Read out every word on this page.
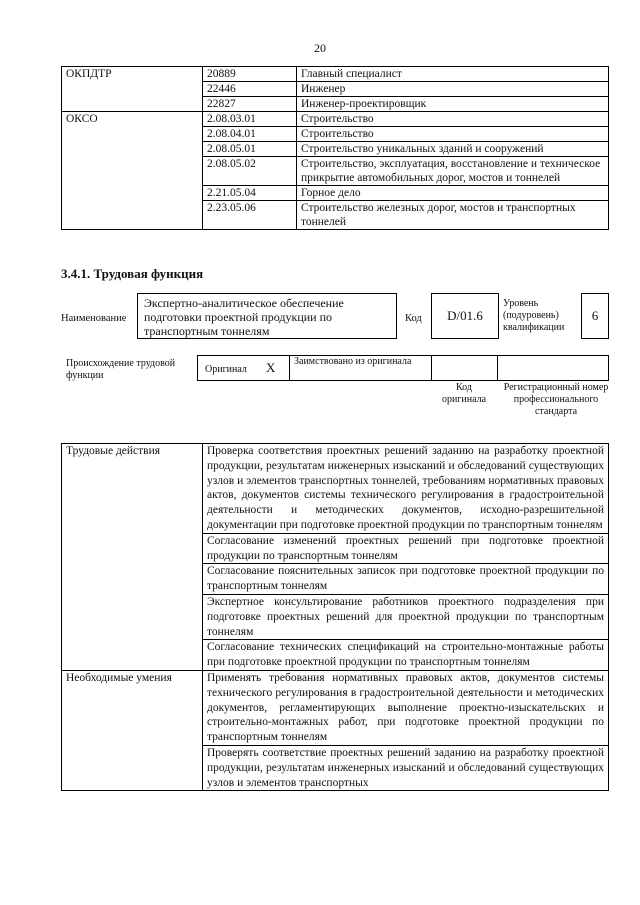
20
ОКПДТР	20889	Главный специалист
	22446	Инженер
	22827	Инженер-проектировщик
ОКСО	2.08.03.01	Строительство
	2.08.04.01	Строительство
	2.08.05.01	Строительство уникальных зданий и сооружений
	2.08.05.02	Строительство, эксплуатация, восстановление и техническое прикрытие автомобильных дорог, мостов и тоннелей
	2.21.05.04	Горное дело
	2.23.05.06	Строительство железных дорог, мостов и транспортных тоннелей
3.4.1. Трудовая функция
Наименование
Экспертно-аналитическое обеспечение подготовки проектной продукции по транспортным тоннелям
Код D/01.6
Уровень (подуровень) квалификации
6
Происхождение трудовой функции
Оригинал X Заимствовано из оригинала
Код оригинала
Регистрационный номер профессионального стандарта
Трудовые действия	Проверка соответствия проектных решений заданию на разработку проектной продукции, результатам инженерных изысканий и обследований существующих узлов и элементов транспортных тоннелей, требованиям нормативных правовых актов, документов системы технического регулирования в градостроительной деятельности и методических документов, исходно-разрешительной документации при подготовке проектной продукции по транспортным тоннелям
	Согласование изменений проектных решений при подготовке проектной продукции по транспортным тоннелям
	Согласование пояснительных записок при подготовке проектной продукции по транспортным тоннелям
	Экспертное консультирование работников проектного подразделения при подготовке проектных решений для проектной продукции по транспортным тоннелям
	Согласование технических спецификаций на строительно-монтажные работы при подготовке проектной продукции по транспортным тоннелям
Необходимые умения	Применять требования нормативных правовых актов, документов системы технического регулирования в градостроительной деятельности и методических документов, регламентирующих выполнение проектно-изыскательских и строительно-монтажных работ, при подготовке проектной продукции по транспортным тоннелям
	Проверять соответствие проектных решений заданию на разработку проектной продукции, результатам инженерных изысканий и обследований существующих узлов и элементов транспортных
